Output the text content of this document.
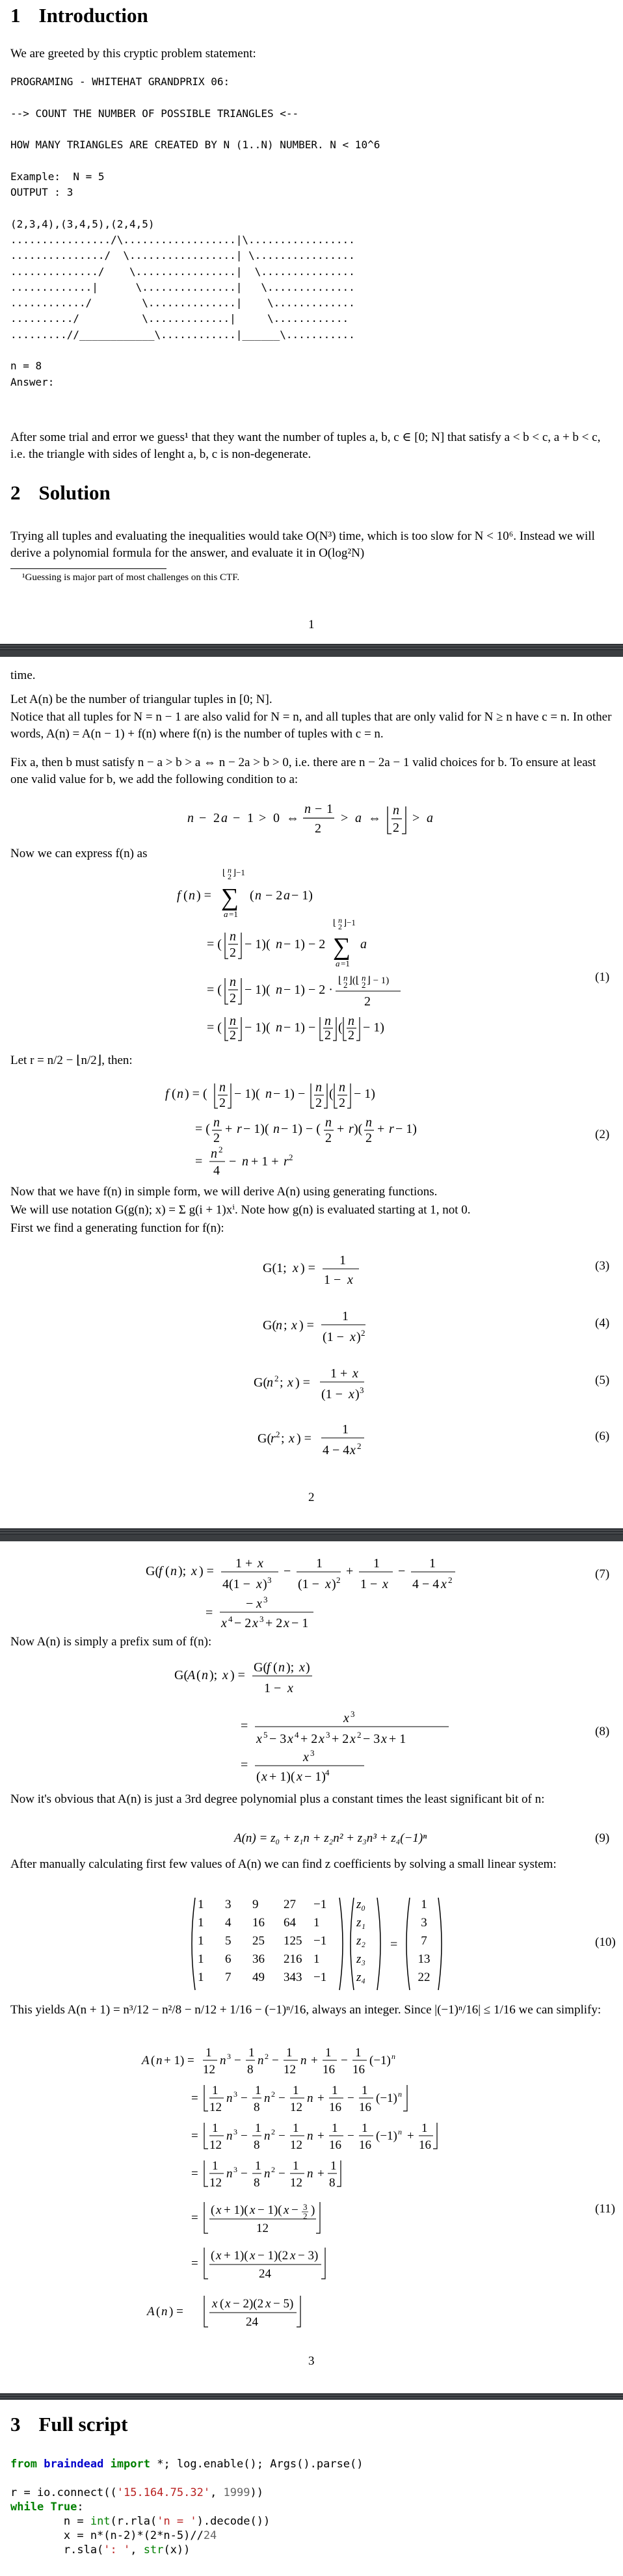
1 Introduction
We are greeted by this cryptic problem statement:
PROGRAMING - WHITEHAT GRANDPRIX 06:

--> COUNT THE NUMBER OF POSSIBLE TRIANGLES <--

HOW MANY TRIANGLES ARE CREATED BY N (1..N) NUMBER. N < 10^6

Example:  N = 5
OUTPUT : 3

(2,3,4),(3,4,5),(2,4,5)
................/\..................|\.................
.............../  \.................| \................
............../    \................|  \...............
.............|      \...............|   \..............
............/        \..............|    \.............
........../          \.............|     \............
.........//____________\............|______\...........

n = 8
Answer:
After some trial and error we guess¹ that they want the number of tuples a, b, c ∈ [0; N] that satisfy a < b < c, a + b < c, i.e. the triangle with sides of lenght a, b, c is non-degenerate.
2 Solution
Trying all tuples and evaluating the inequalities would take O(N³) time, which is too slow for N < 10⁶. Instead we will derive a polynomial formula for the answer, and evaluate it in O(log²N)
¹Guessing is major part of most challenges on this CTF.
1
time.
Let A(n) be the number of triangular tuples in [0; N].
Notice that all tuples for N = n − 1 are also valid for N = n, and all tuples that are only valid for N ≥ n have c = n. In other words, A(n) = A(n − 1) + f(n) where f(n) is the number of tuples with c = n.
Fix a, then b must satisfy n − a > b > a ⇔ n − 2a > b > 0, i.e. there are n − 2a − 1 valid choices for b. To ensure at least one valid value for b, we add the following condition to a:
n − 2 a − 1 > 0 ⇔
n − 1
2
> a ⇔
n
2
> a
Now we can express f(n) as
f ( n ) =
⌊ n
2 ⌋−1
∑
a =1
( n − 2 a − 1)
= (
n
2
− 1)( n − 1) − 2
⌊ n
2 ⌋−1
∑
a =1
a
= (
n
2
− 1)( n − 1) − 2 ·
⌊ n
2 ⌋(⌊ n
2 ⌋ − 1)
2
= ( n
2
− 1)( n − 1) − n
2
( n
2
− 1)
(1)
Let r = n/2 − ⌊n/2⌋, then:
f ( n ) = ( n
2
− 1)( n − 1) − n
2
( n
2
− 1)
= ( n
2
+ r − 1)( n − 1) − ( n
2
+ r )( n
2
+ r − 1)
=
n 2
4
− n + 1 + r 2
(2)
Now that we have f(n) in simple form, we will derive A(n) using generating functions.
We will use notation G(g(n); x) = Σ g(i + 1)xⁱ. Note how g(n) is evaluated starting at 1, not 0.
First we find a generating function for f(n):
G(1; x ) =
1
1 − x
G(
n ; x ) =
1
(1 − x ) 2
G(
n 2 ; x ) =
1 + x
(1 − x ) 3
G(
r 2 ; x ) =
1
4 − 4 x 2
(3)
(4)
(5)
(6)
2
G(
f ( n ); x ) =
1 + x
4(1 − x ) 3
−
1
(1 − x ) 2
+
1
1 − x
−
1
4 − 4 x 2
=
− x 3
x 4 − 2 x 3 + 2 x − 1
(7)
Now A(n) is simply a prefix sum of f(n):
G(
A ( n ); x ) =
G(
f ( n ); x )
1 − x
=
x 3
x 5 − 3 x 4 + 2 x 3 + 2 x 2 − 3 x + 1
=
x 3
( x + 1)( x − 1) 4
(8)
Now it's obvious that A(n) is just a 3rd degree polynomial plus a constant times the least significant bit of n:
A(n) = z₀ + z₁n + z₂n² + z₃n³ + z₄(−1)ⁿ	(9)
After manually calculating first few values of A(n) we can find z coefficients by solving a small linear system:
=
1 3 9 27 −1
1 4 16 64 1
1 5 25 125 −1
1 6 36 216 1
1 7 49 343 −1
z₀
z₁
z₂
z₃
z₄
1
3
7
13
22
(10)
This yields A(n + 1) = n³/12 − n²/8 − n/12 + 1/16 − (−1)ⁿ/16, always an integer. Since |(−1)ⁿ/16| ≤ 1/16 we can simplify:
A ( n + 1) =
1
12
n 3 −
1
8
n 2 −
1
12
n +
1
16
−
1
16
(−1) n
=
1
12
n 3 −
1
8
n 2 −
1
12
n +
1
16
−
1
16
(−1) n
=
1
12
n 3 −
1
8
n 2 −
1
12
n +
1
16
−
1
16
(−1) n +
1
16
=
1
12
n 3 −
1
8
n 2 −
1
12
n +
1
8
=
( x + 1)( x − 1)( x − 3
2 )
12
=
( x + 1)( x − 1)(2 x − 3)
24
A ( n ) =
x ( x − 2)(2 x − 5)
24
(11)
3
3 Full script
from braindead import *; log.enable(); Args().parse()

r = io.connect(('15.164.75.32', 1999))
while True:
n = int(r.rla('n = ').decode())
x = n*(n-2)*(2*n-5)//24
r.sla(': ', str(x))
